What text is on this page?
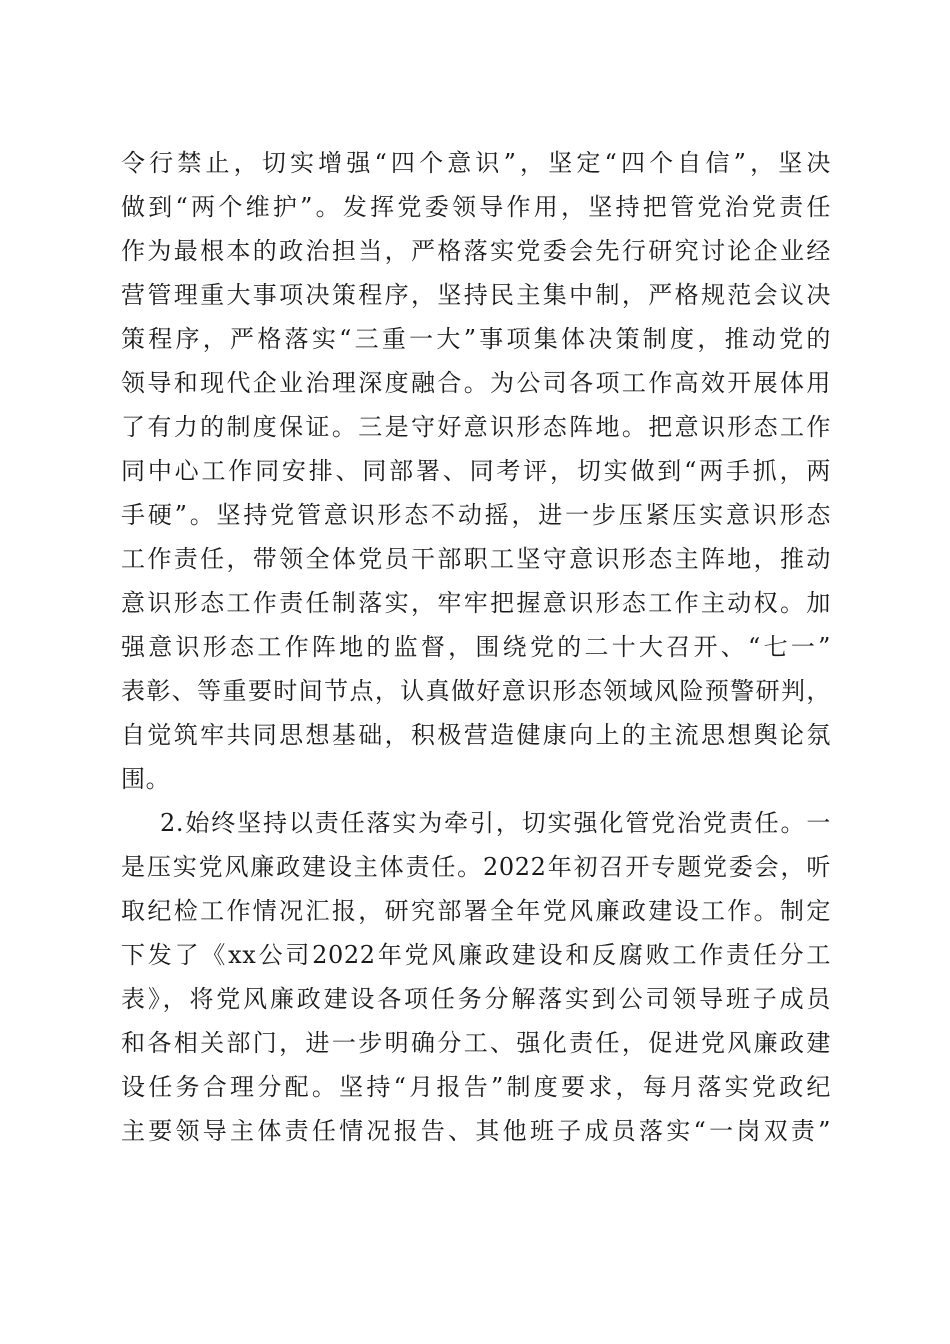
令行禁止，切实增强“四个意识”，坚定“四个自信”，坚决
做到“两个维护”。发挥党委领导作用，坚持把管党治党责任
作为最根本的政治担当，严格落实党委会先行研究讨论企业经
营管理重大事项决策程序，坚持民主集中制，严格规范会议决
策程序，严格落实“三重一大”事项集体决策制度，推动党的
领导和现代企业治理深度融合。为公司各项工作高效开展体用
了有力的制度保证。三是守好意识形态阵地。把意识形态工作
同中心工作同安排、同部署、同考评，切实做到“两手抓，两
手硬”。坚持党管意识形态不动摇，进一步压紧压实意识形态
工作责任，带领全体党员干部职工坚守意识形态主阵地，推动
意识形态工作责任制落实，牢牢把握意识形态工作主动权。加
强意识形态工作阵地的监督，围绕党的二十大召开、“七一”
表彰、等重要时间节点，认真做好意识形态领域风险预警研判，
自觉筑牢共同思想基础，积极营造健康向上的主流思想舆论氛
围。
2.始终坚持以责任落实为牵引，切实强化管党治党责任。一
是压实党风廉政建设主体责任。2022年初召开专题党委会，听
取纪检工作情况汇报，研究部署全年党风廉政建设工作。制定
下发了《xx公司2022年党风廉政建设和反腐败工作责任分工
表》，将党风廉政建设各项任务分解落实到公司领导班子成员
和各相关部门，进一步明确分工、强化责任，促进党风廉政建
设任务合理分配。坚持“月报告”制度要求，每月落实党政纪
主要领导主体责任情况报告、其他班子成员落实“一岗双责”
